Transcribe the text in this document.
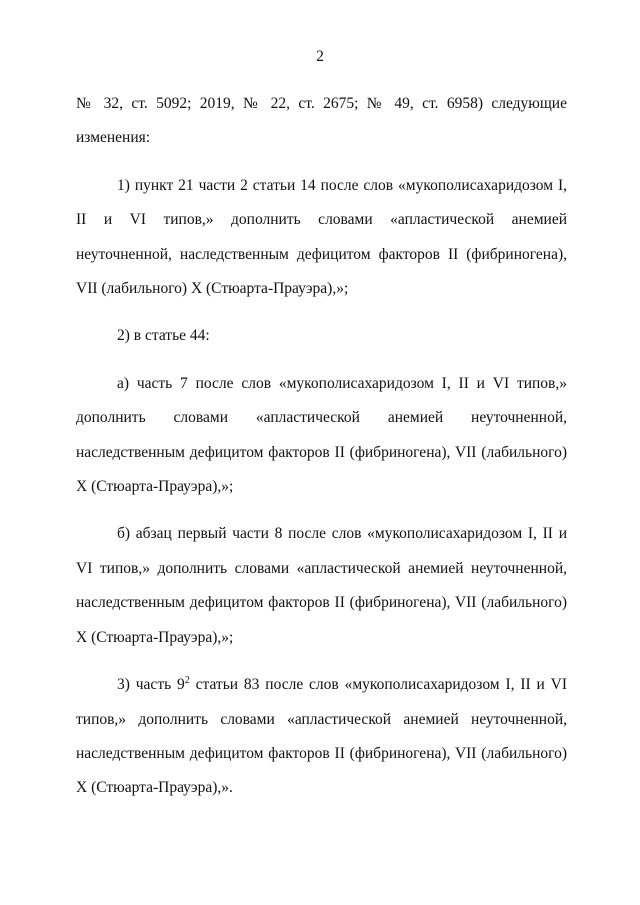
2

№ 32, ст. 5092; 2019, № 22, ст. 2675; № 49, ст. 6958) следующие изменения:

1) пункт 21 части 2 статьи 14 после слов «мукополисахаридозом I, II и VI типов,» дополнить словами «апластической анемией неуточненной, наследственным дефицитом факторов II (фибриногена), VII (лабильного) X (Стюарта-Прауэра),»;

2) в статье 44:

а) часть 7 после слов «мукополисахаридозом I, II и VI типов,» дополнить словами «апластической анемией неуточненной, наследственным дефицитом факторов II (фибриногена), VII (лабильного) X (Стюарта-Прауэра),»;

б) абзац первый части 8 после слов «мукополисахаридозом I, II и VI типов,» дополнить словами «апластической анемией неуточненной, наследственным дефицитом факторов II (фибриногена), VII (лабильного) X (Стюарта-Прауэра),»;

3) часть $9^2$ статьи 83 после слов «мукополисахаридозом I, II и VI типов,» дополнить словами «апластической анемией неуточненной, наследственным дефицитом факторов II (фибриногена), VII (лабильного) X (Стюарта-Прауэра),».
